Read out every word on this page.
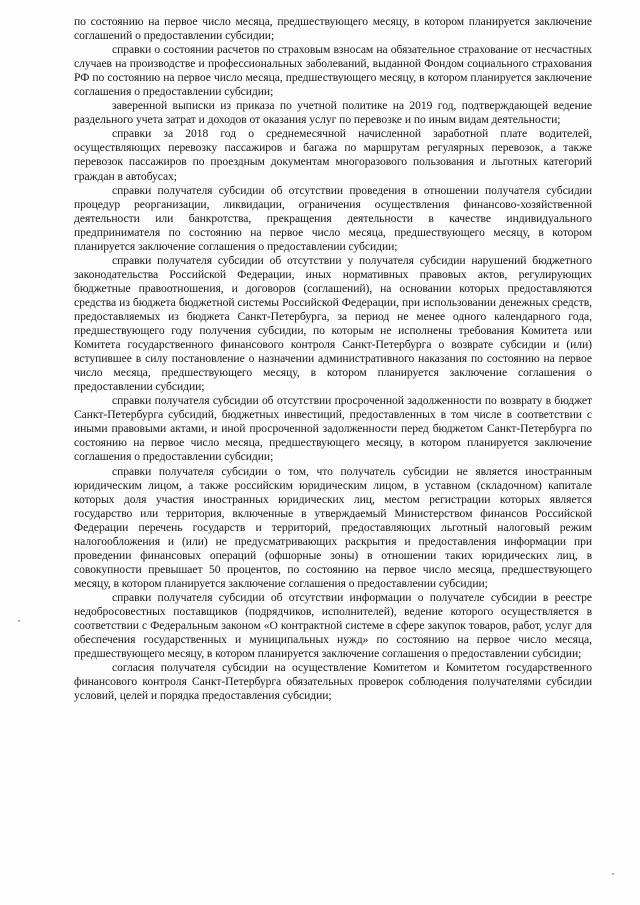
по состоянию на первое число месяца, предшествующего месяцу, в котором планируется заключение соглашений о предоставлении субсидии;

справки о состоянии расчетов по страховым взносам на обязательное страхование от несчастных случаев на производстве и профессиональных заболеваний, выданной Фондом социального страхования РФ по состоянию на первое число месяца, предшествующего месяцу, в котором планируется заключение соглашения о предоставлении субсидии;

заверенной выписки из приказа по учетной политике на 2019 год, подтверждающей ведение раздельного учета затрат и доходов от оказания услуг по перевозке и по иным видам деятельности;

справки за 2018 год о среднемесячной начисленной заработной плате водителей, осуществляющих перевозку пассажиров и багажа по маршрутам регулярных перевозок, а также перевозок пассажиров по проездным документам многоразового пользования и льготных категорий граждан в автобусах;

справки получателя субсидии об отсутствии проведения в отношении получателя субсидии процедур реорганизации, ликвидации, ограничения осуществления финансово-хозяйственной деятельности или банкротства, прекращения деятельности в качестве индивидуального предпринимателя по состоянию на первое число месяца, предшествующего месяцу, в котором планируется заключение соглашения о предоставлении субсидии;

справки получателя субсидии об отсутствии у получателя субсидии нарушений бюджетного законодательства Российской Федерации, иных нормативных правовых актов, регулирующих бюджетные правоотношения, и договоров (соглашений), на основании которых предоставляются средства из бюджета бюджетной системы Российской Федерации, при использовании денежных средств, предоставляемых из бюджета Санкт-Петербурга, за период не менее одного календарного года, предшествующего году получения субсидии, по которым не исполнены требования Комитета или Комитета государственного финансового контроля Санкт-Петербурга о возврате субсидии и (или) вступившее в силу постановление о назначении административного наказания по состоянию на первое число месяца, предшествующего месяцу, в котором планируется заключение соглашения о предоставлении субсидии;

справки получателя субсидии об отсутствии просроченной задолженности по возврату в бюджет Санкт-Петербурга субсидий, бюджетных инвестиций, предоставленных в том числе в соответствии с иными правовыми актами, и иной просроченной задолженности перед бюджетом Санкт-Петербурга по состоянию на первое число месяца, предшествующего месяцу, в котором планируется заключение соглашения о предоставлении субсидии;

справки получателя субсидии о том, что получатель субсидии не является иностранным юридическим лицом, а также российским юридическим лицом, в уставном (складочном) капитале которых доля участия иностранных юридических лиц, местом регистрации которых является государство или территория, включенные в утверждаемый Министерством финансов Российской Федерации перечень государств и территорий, предоставляющих льготный налоговый режим налогообложения и (или) не предусматривающих раскрытия и предоставления информации при проведении финансовых операций (офшорные зоны) в отношении таких юридических лиц, в совокупности превышает 50 процентов, по состоянию на первое число месяца, предшествующего месяцу, в котором планируется заключение соглашения о предоставлении субсидии;

справки получателя субсидии об отсутствии информации о получателе субсидии в реестре недобросовестных поставщиков (подрядчиков, исполнителей), ведение которого осуществляется в соответствии с Федеральным законом «О контрактной системе в сфере закупок товаров, работ, услуг для обеспечения государственных и муниципальных нужд» по состоянию на первое число месяца, предшествующего месяцу, в котором планируется заключение соглашения о предоставлении субсидии;

согласия получателя субсидии на осуществление Комитетом и Комитетом государственного финансового контроля Санкт-Петербурга обязательных проверок соблюдения получателями субсидии условий, целей и порядка предоставления субсидии;
